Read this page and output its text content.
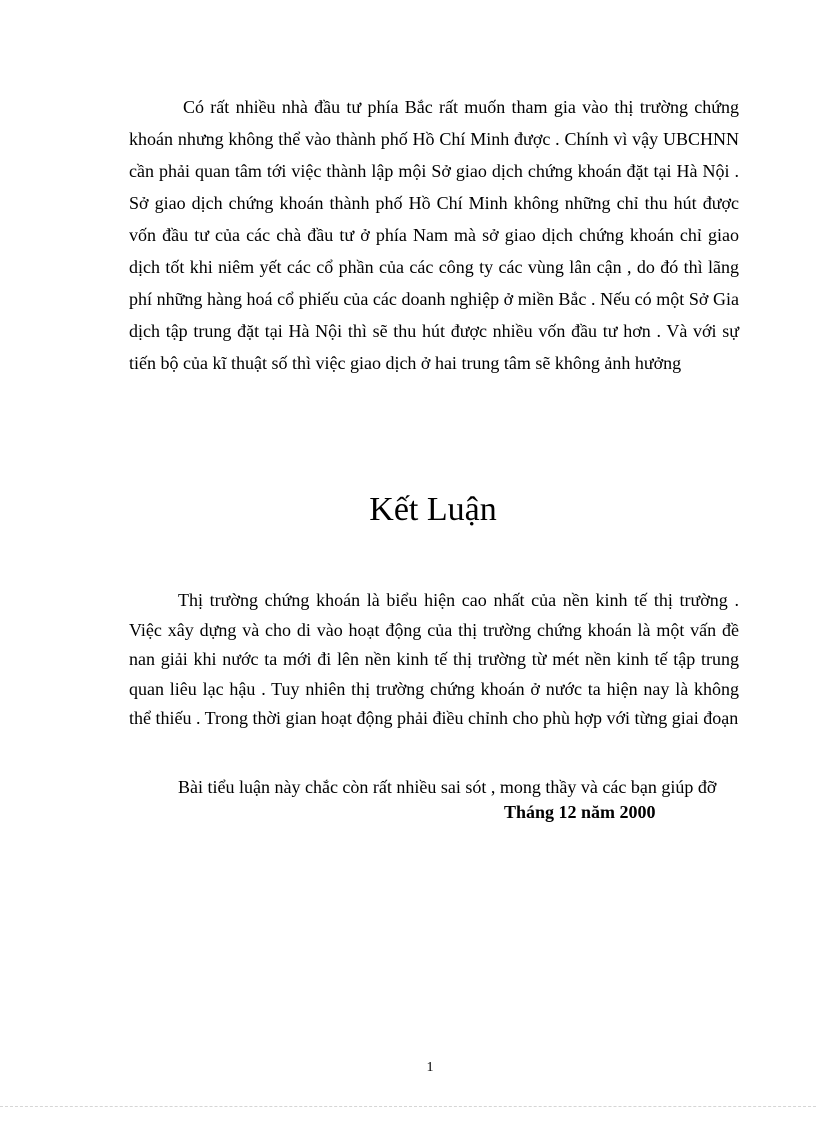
Có rất nhiều nhà đầu tư phía Bắc rất muốn tham gia vào thị trường chứng khoán nhưng không thể vào thành phố Hồ Chí Minh được . Chính vì vậy UBCHNN cần phải quan tâm tới việc thành lập mội Sở giao dịch chứng khoán đặt tại Hà Nội . Sở giao dịch chứng khoán thành phố Hồ Chí Minh không những chỉ thu hút được vốn đầu tư của các chà đầu tư ở phía Nam mà sở giao dịch chứng khoán chỉ giao dịch tốt khi niêm yết các cổ phần của các công ty các vùng lân cận , do đó thì lãng phí những hàng hoá cổ phiếu của các doanh nghiệp ở miền Bắc . Nếu có một Sở Gia dịch tập trung đặt tại Hà Nội thì sẽ thu hút được nhiều vốn đầu tư hơn . Và với sự tiến bộ của kĩ thuật số thì việc giao dịch ở hai trung tâm sẽ không ảnh hưởng

Kết Luận

Thị trường chứng khoán là biểu hiện cao nhất của nền kinh tế thị trường . Việc xây dựng và cho di vào hoạt động của thị trường chứng khoán là một vấn đề nan giải khi nước ta mới đi lên nền kinh tế thị trường từ mét nền kinh tế tập trung quan liêu lạc hậu . Tuy nhiên thị trường chứng khoán ở nước ta hiện nay là không thể thiếu . Trong thời gian hoạt động phải điều chỉnh cho phù hợp với từng giai đoạn

Bài tiểu luận này chắc còn rất nhiều sai sót , mong thầy và các bạn giúp đỡ

Tháng 12 năm 2000
1
